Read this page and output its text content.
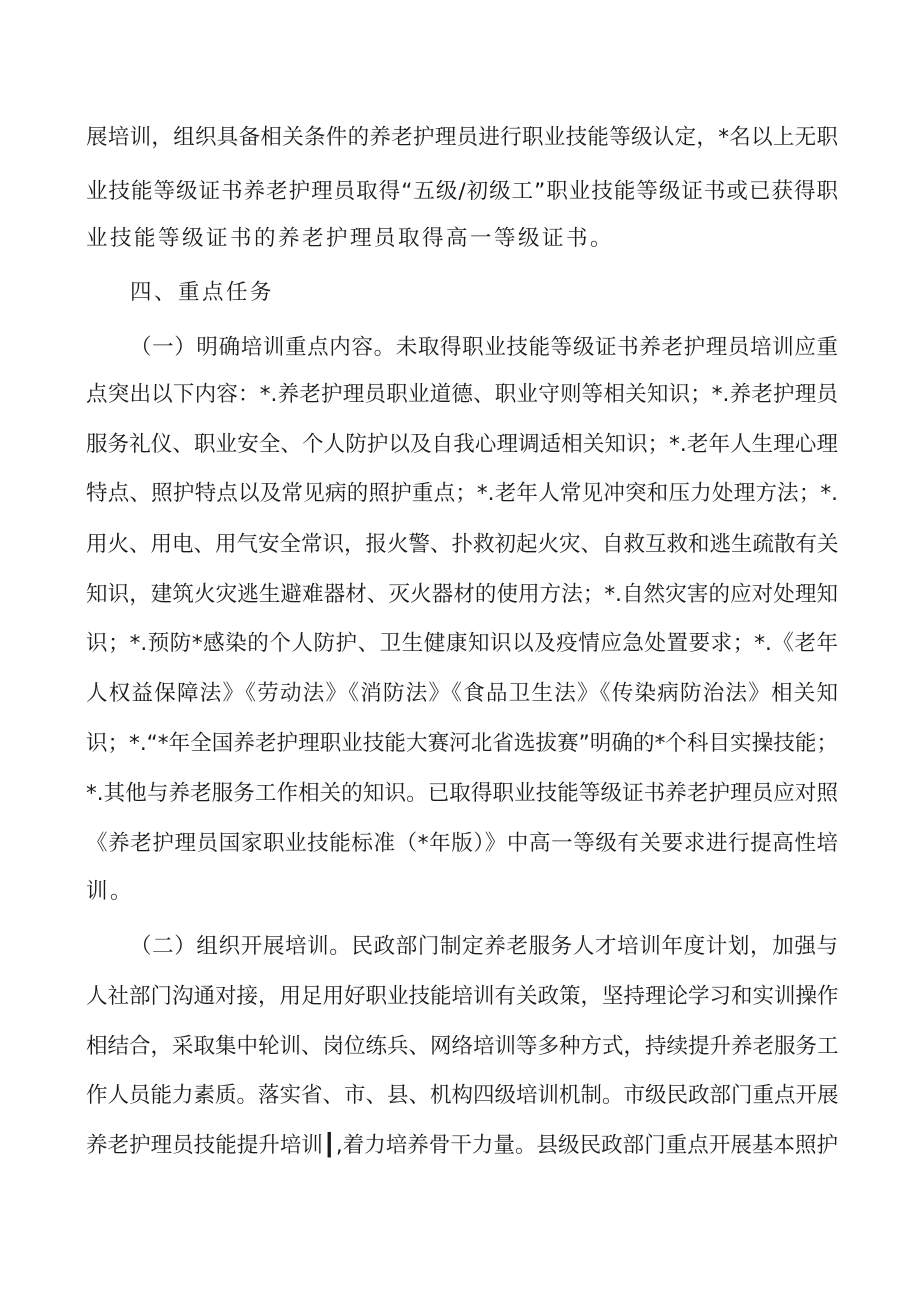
展培训，组织具备相关条件的养老护理员进行职业技能等级认定，*名以上无职
业技能等级证书养老护理员取得“五级/初级工”职业技能等级证书或已获得职
业技能等级证书的养老护理员取得高一等级证书。
四、重点任务
（一）明确培训重点内容。未取得职业技能等级证书养老护理员培训应重
点突出以下内容：*.养老护理员职业道德、职业守则等相关知识；*.养老护理员
服务礼仪、职业安全、个人防护以及自我心理调适相关知识；*.老年人生理心理
特点、照护特点以及常见病的照护重点；*.老年人常见冲突和压力处理方法；*.
用火、用电、用气安全常识，报火警、扑救初起火灾、自救互救和逃生疏散有关
知识，建筑火灾逃生避难器材、灭火器材的使用方法；*.自然灾害的应对处理知
识；*.预防*感染的个人防护、卫生健康知识以及疫情应急处置要求；*.《老年
人权益保障法》《劳动法》《消防法》《食品卫生法》《传染病防治法》相关知
识；*.“*年全国养老护理职业技能大赛河北省选拔赛”明确的*个科目实操技能；
*.其他与养老服务工作相关的知识。已取得职业技能等级证书养老护理员应对照
《养老护理员国家职业技能标准（*年版）》中高一等级有关要求进行提高性培
训。
（二）组织开展培训。民政部门制定养老服务人才培训年度计划，加强与
人社部门沟通对接，用足用好职业技能培训有关政策，坚持理论学习和实训操作
相结合，采取集中轮训、岗位练兵、网络培训等多种方式，持续提升养老服务工
作人员能力素质。落实省、市、县、机构四级培训机制。市级民政部门重点开展
养老护理员技能提升培训┃,着力培养骨干力量。县级民政部门重点开展基本照护
